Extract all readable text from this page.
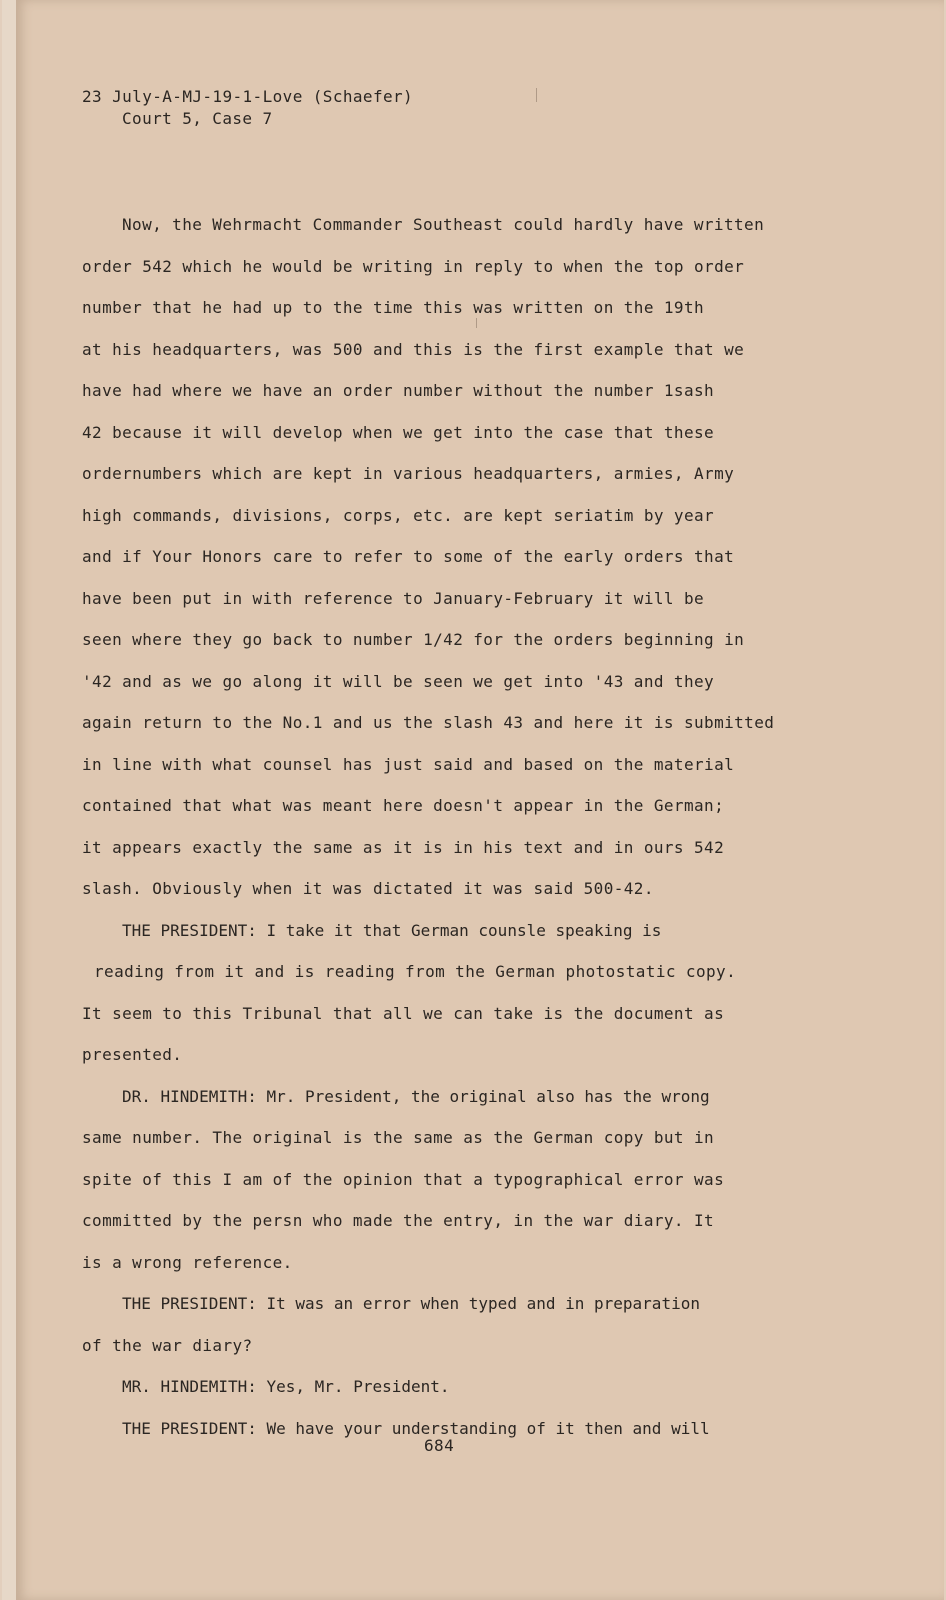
23 July-A-MJ-19-1-Love (Schaefer)
Court 5, Case 7
Now, the Wehrmacht Commander Southeast could hardly have written
order 542 which he would be writing in reply to when the top order
number that he had up to the time this was written on the 19th
at his headquarters, was 500 and this is the first example that we
have had where we have an order number without the number 1sash
42 because it will develop when we get into the case that these
ordernumbers which are kept in various headquarters, armies, Army
high commands, divisions, corps, etc. are kept seriatim by year
and if Your Honors care to refer to some of the early orders that
have been put in with reference to January-February it will be
seen where they go back to number 1/42 for the orders beginning in
'42 and as we go along it will be seen we get into '43 and they
again return to the No.1 and us the slash 43 and here it is submitted
in line with what counsel has just said and based on the material
contained that what was meant here doesn't appear in the German;
it appears exactly the same as it is in his text and in ours 542
slash. Obviously when it was dictated it was said 500-42.
THE PRESIDENT: I take it that German counsle speaking is
reading from it and is reading from the German photostatic copy.
It seem to this Tribunal that all we can take is the document as
presented.
DR. HINDEMITH: Mr. President, the original also has the wrong
same number. The original is the same as the German copy but in
spite of this I am of the opinion that a typographical error was
committed by the persn who made the entry, in the war diary. It
is a wrong reference.
THE PRESIDENT: It was an error when typed and in preparation
of the war diary?
MR. HINDEMITH: Yes, Mr. President.
THE PRESIDENT: We have your understanding of it then and will
684
